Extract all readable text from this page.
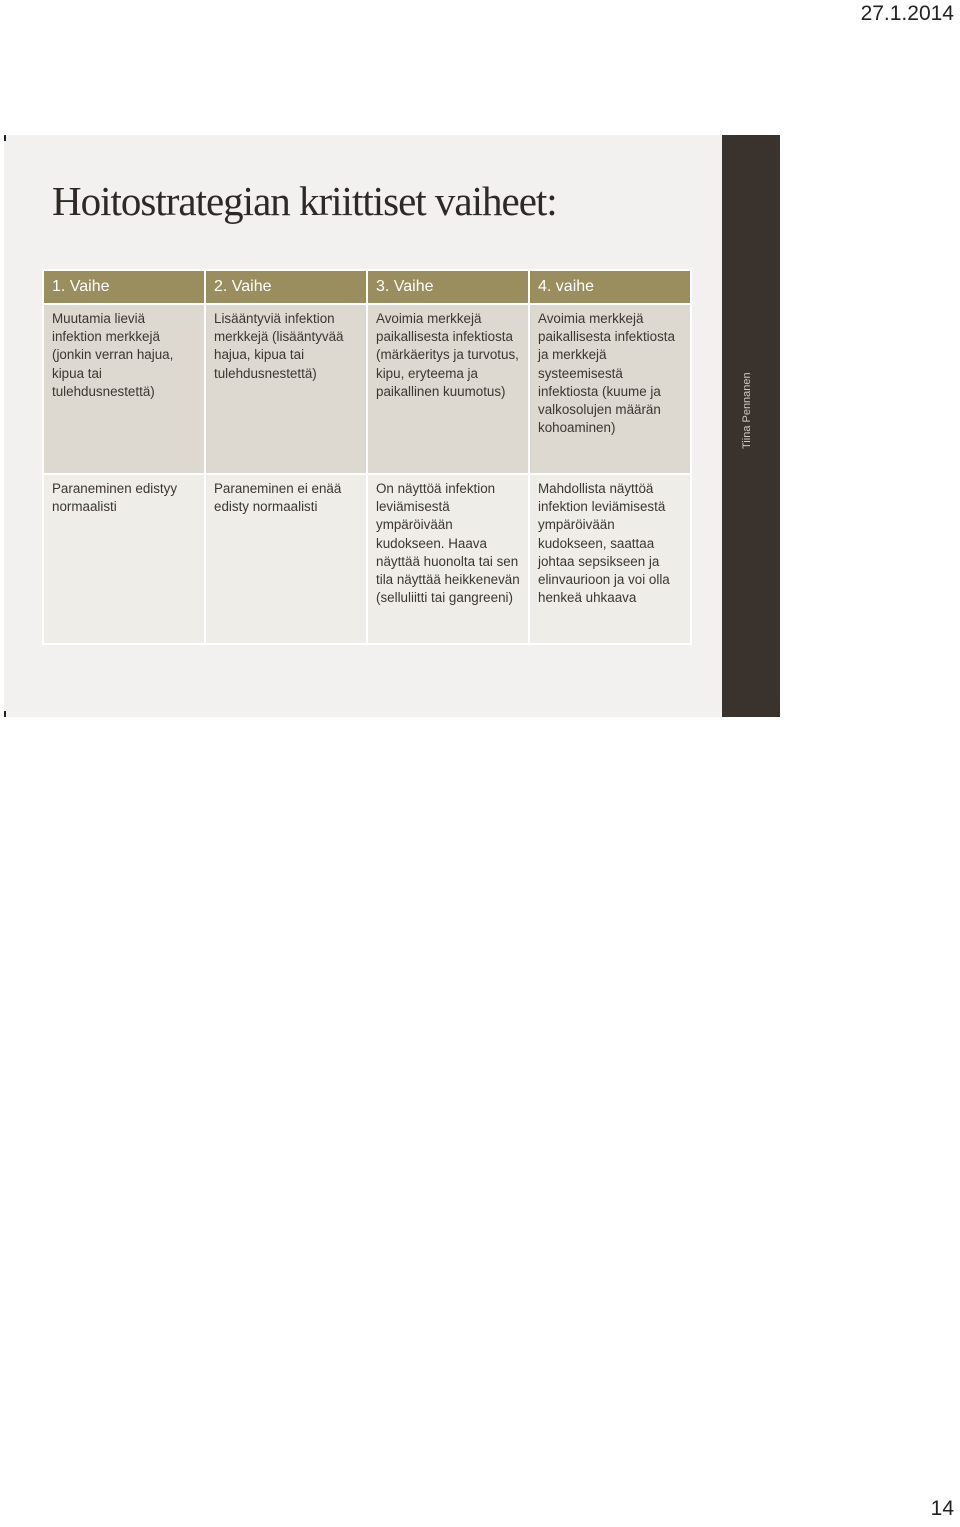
27.1.2014
Hoitostrategian kriittiset vaiheet:
1. Vaihe	2. Vaihe	3. Vaihe	4. vaihe
Muutamia lieviä infektion merkkejä (jonkin verran hajua, kipua tai tulehdusnestettä)	Lisääntyviä infektion merkkejä (lisääntyvää hajua, kipua tai tulehdusnestettä)	Avoimia merkkejä paikallisesta infektiosta (märkäeritys ja turvotus, kipu, eryteema ja paikallinen kuumotus)	Avoimia merkkejä paikallisesta infektiosta ja merkkejä systeemisestä infektiosta (kuume ja valkosolujen määrän kohoaminen)
Paraneminen edistyy normaalisti	Paraneminen ei enää edisty normaalisti	On näyttöä infektion leviämisestä ympäröivään kudokseen. Haava näyttää huonolta tai sen tila näyttää heikkenevän (selluliitti tai gangreeni)	Mahdollista näyttöä infektion leviämisestä ympäröivään kudokseen, saattaa johtaa sepsikseen ja elinvaurioon ja voi olla henkeä uhkaava
Tiina Pennanen
14
